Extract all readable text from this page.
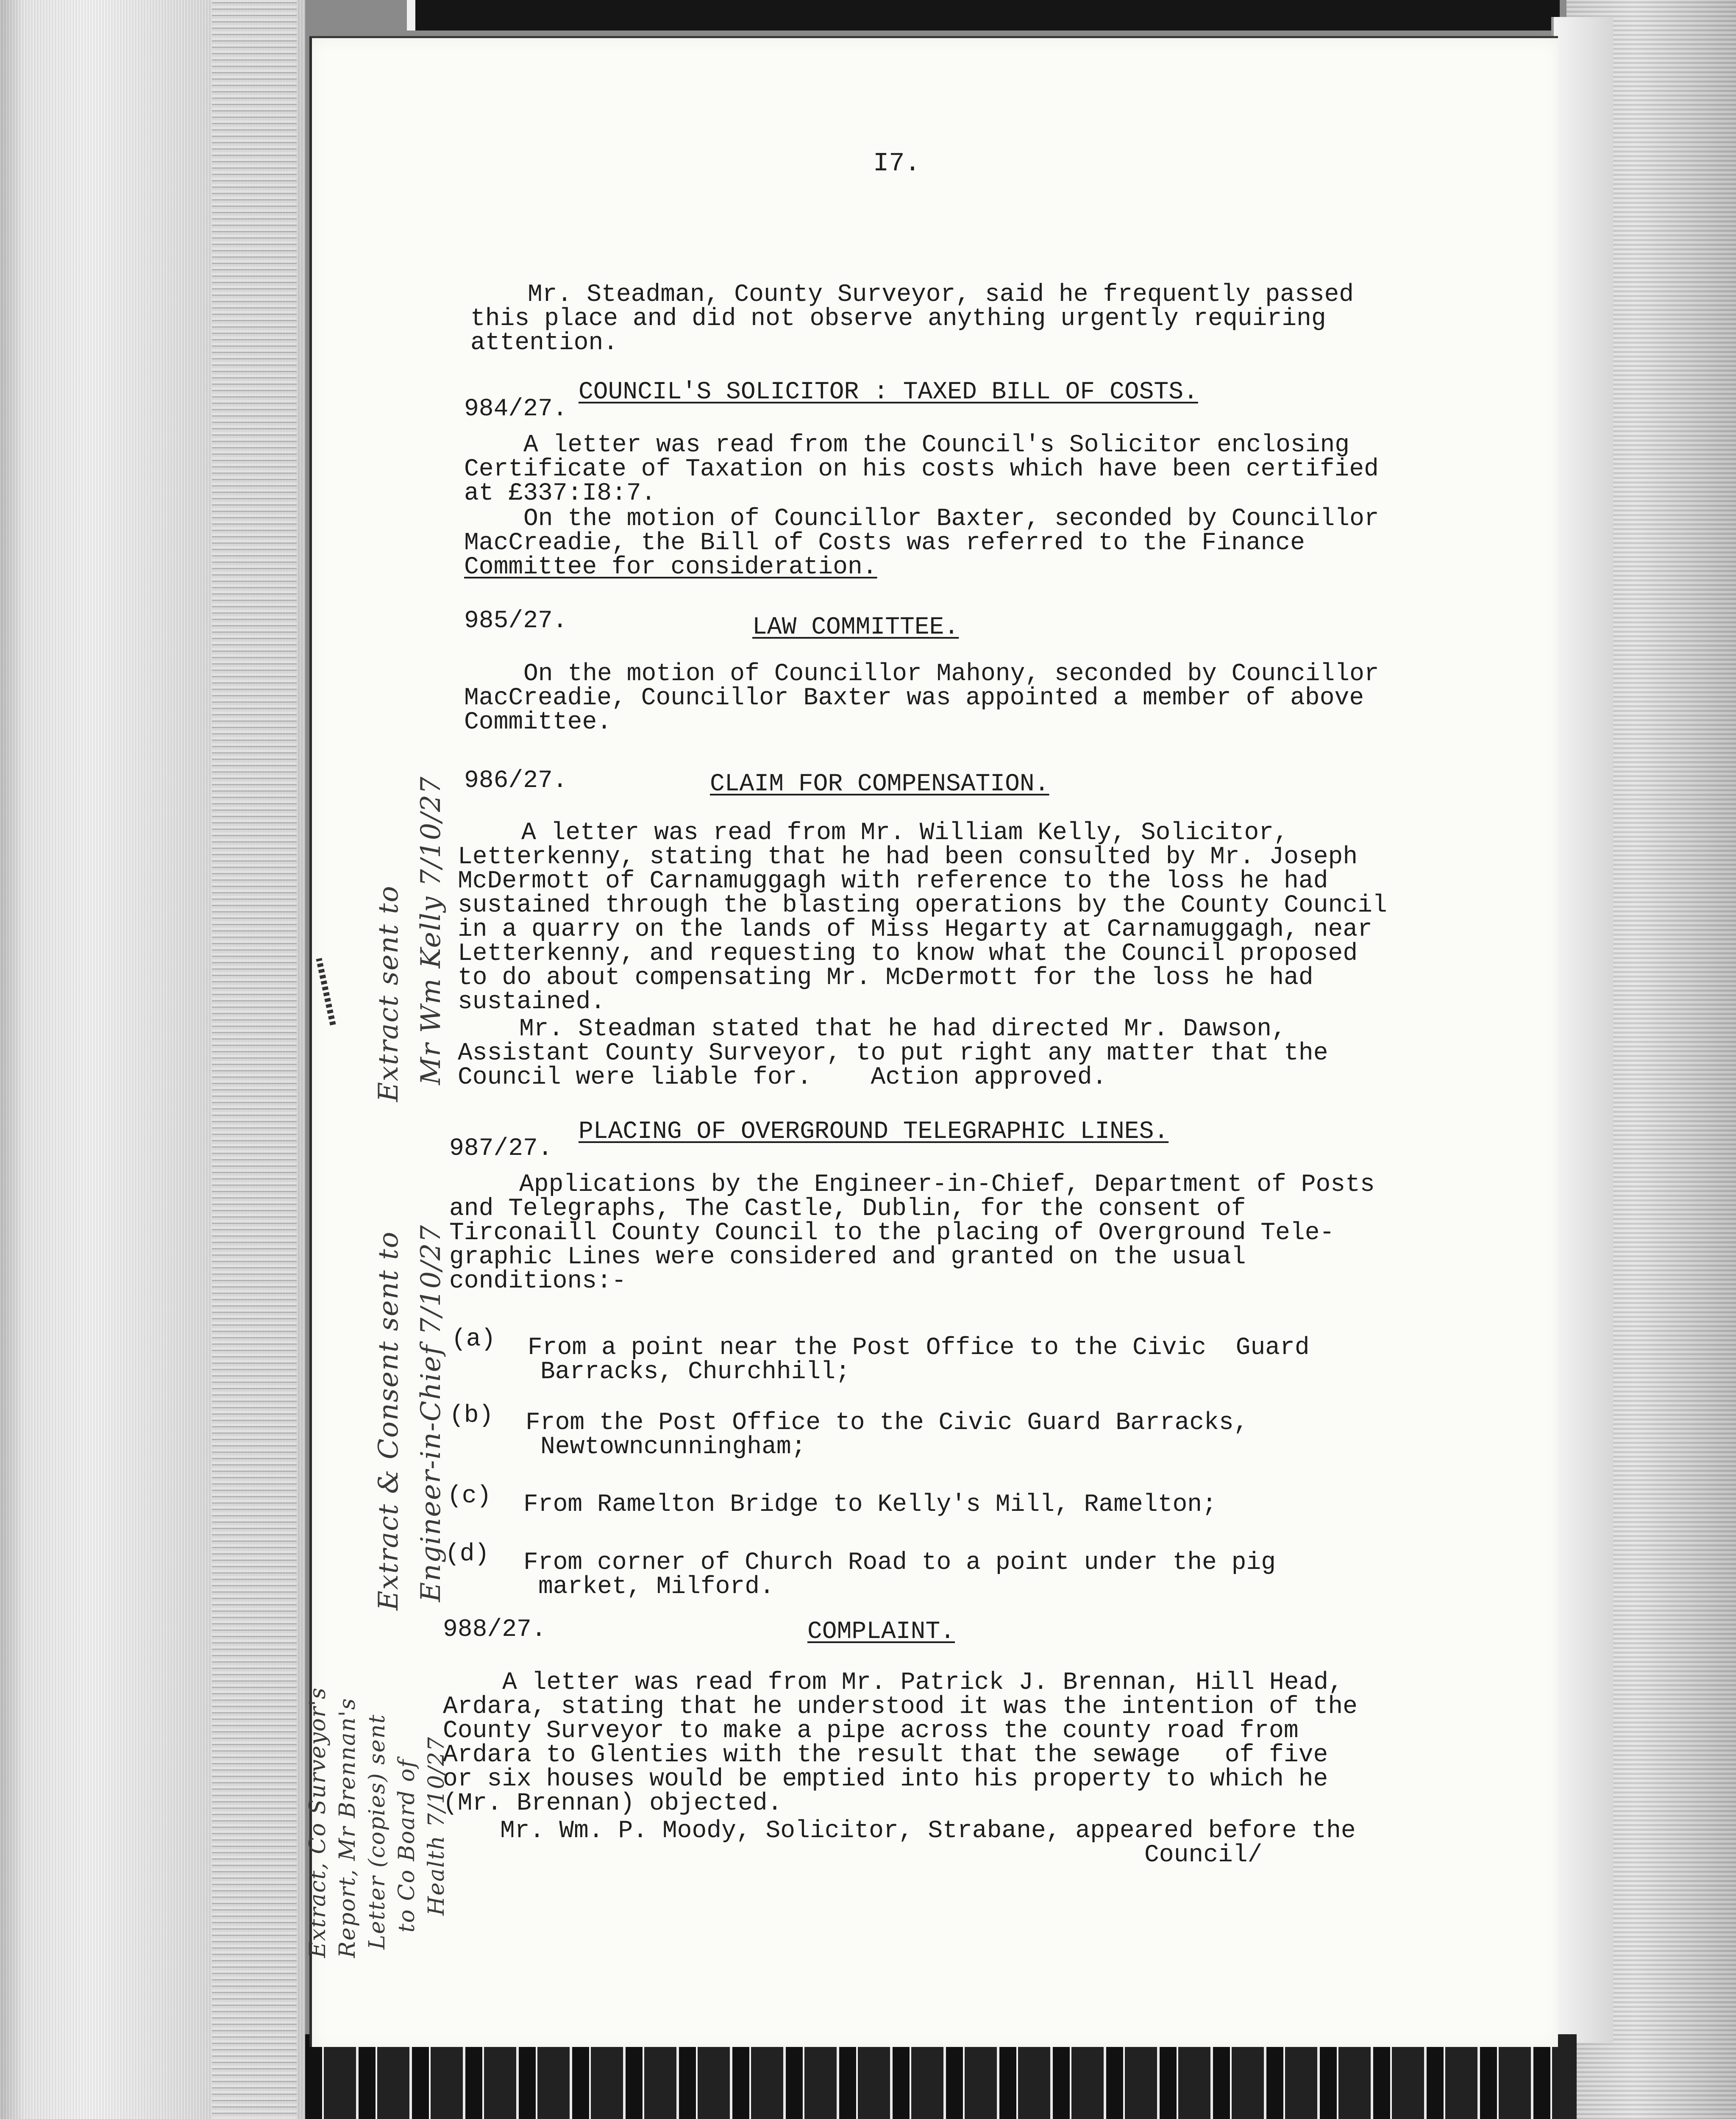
I7.
Mr. Steadman, County Surveyor, said he frequently passed
this place and did not observe anything urgently requiring
attention.
COUNCIL'S SOLICITOR : TAXED BILL OF COSTS.
984/27.
A letter was read from the Council's Solicitor enclosing
Certificate of Taxation on his costs which have been certified
at £337:I8:7.
On the motion of Councillor Baxter, seconded by Councillor
MacCreadie, the Bill of Costs was referred to the Finance
Committee for consideration.
985/27.	LAW COMMITTEE.
On the motion of Councillor Mahony, seconded by Councillor
MacCreadie, Councillor Baxter was appointed a member of above
Committee.
986/27.	CLAIM FOR COMPENSATION.
A letter was read from Mr. William Kelly, Solicitor,
Letterkenny, stating that he had been consulted by Mr. Joseph
McDermott of Carnamuggagh with reference to the loss he had
sustained through the blasting operations by the County Council
in a quarry on the lands of Miss Hegarty at Carnamuggagh, near
Letterkenny, and requesting to know what the Council proposed
to do about compensating Mr. McDermott for the loss he had
sustained.
Mr. Steadman stated that he had directed Mr. Dawson,
Assistant County Surveyor, to put right any matter that the
Council were liable for.    Action approved.
PLACING OF OVERGROUND TELEGRAPHIC LINES.
987/27.
Applications by the Engineer-in-Chief, Department of Posts
and Telegraphs, The Castle, Dublin, for the consent of
Tirconaill County Council to the placing of Overground Tele-
graphic Lines were considered and granted on the usual
conditions:-
(a) From a point near the Post Office to the Civic  Guard
Barracks, Churchhill;
(b) From the Post Office to the Civic Guard Barracks,
Newtowncunningham;
(c) From Ramelton Bridge to Kelly's Mill, Ramelton;
(d) From corner of Church Road to a point under the pig
market, Milford.
988/27.	COMPLAINT.
A letter was read from Mr. Patrick J. Brennan, Hill Head,
Ardara, stating that he understood it was the intention of the
County Surveyor to make a pipe across the county road from
Ardara to Glenties with the result that the sewage   of five
or six houses would be emptied into his property to which he
(Mr. Brennan) objected.
Mr. Wm. P. Moody, Solicitor, Strabane, appeared before the
Council/
Extract sent to Mr Wm Kelly 7/10/27
Extract & Consent sent to Engineer-in-Chief 7/10/27
Extract, Co Surveyor's Report, Mr Brennan's Letter (copies) sent to Co Board of Health 7/10/27
